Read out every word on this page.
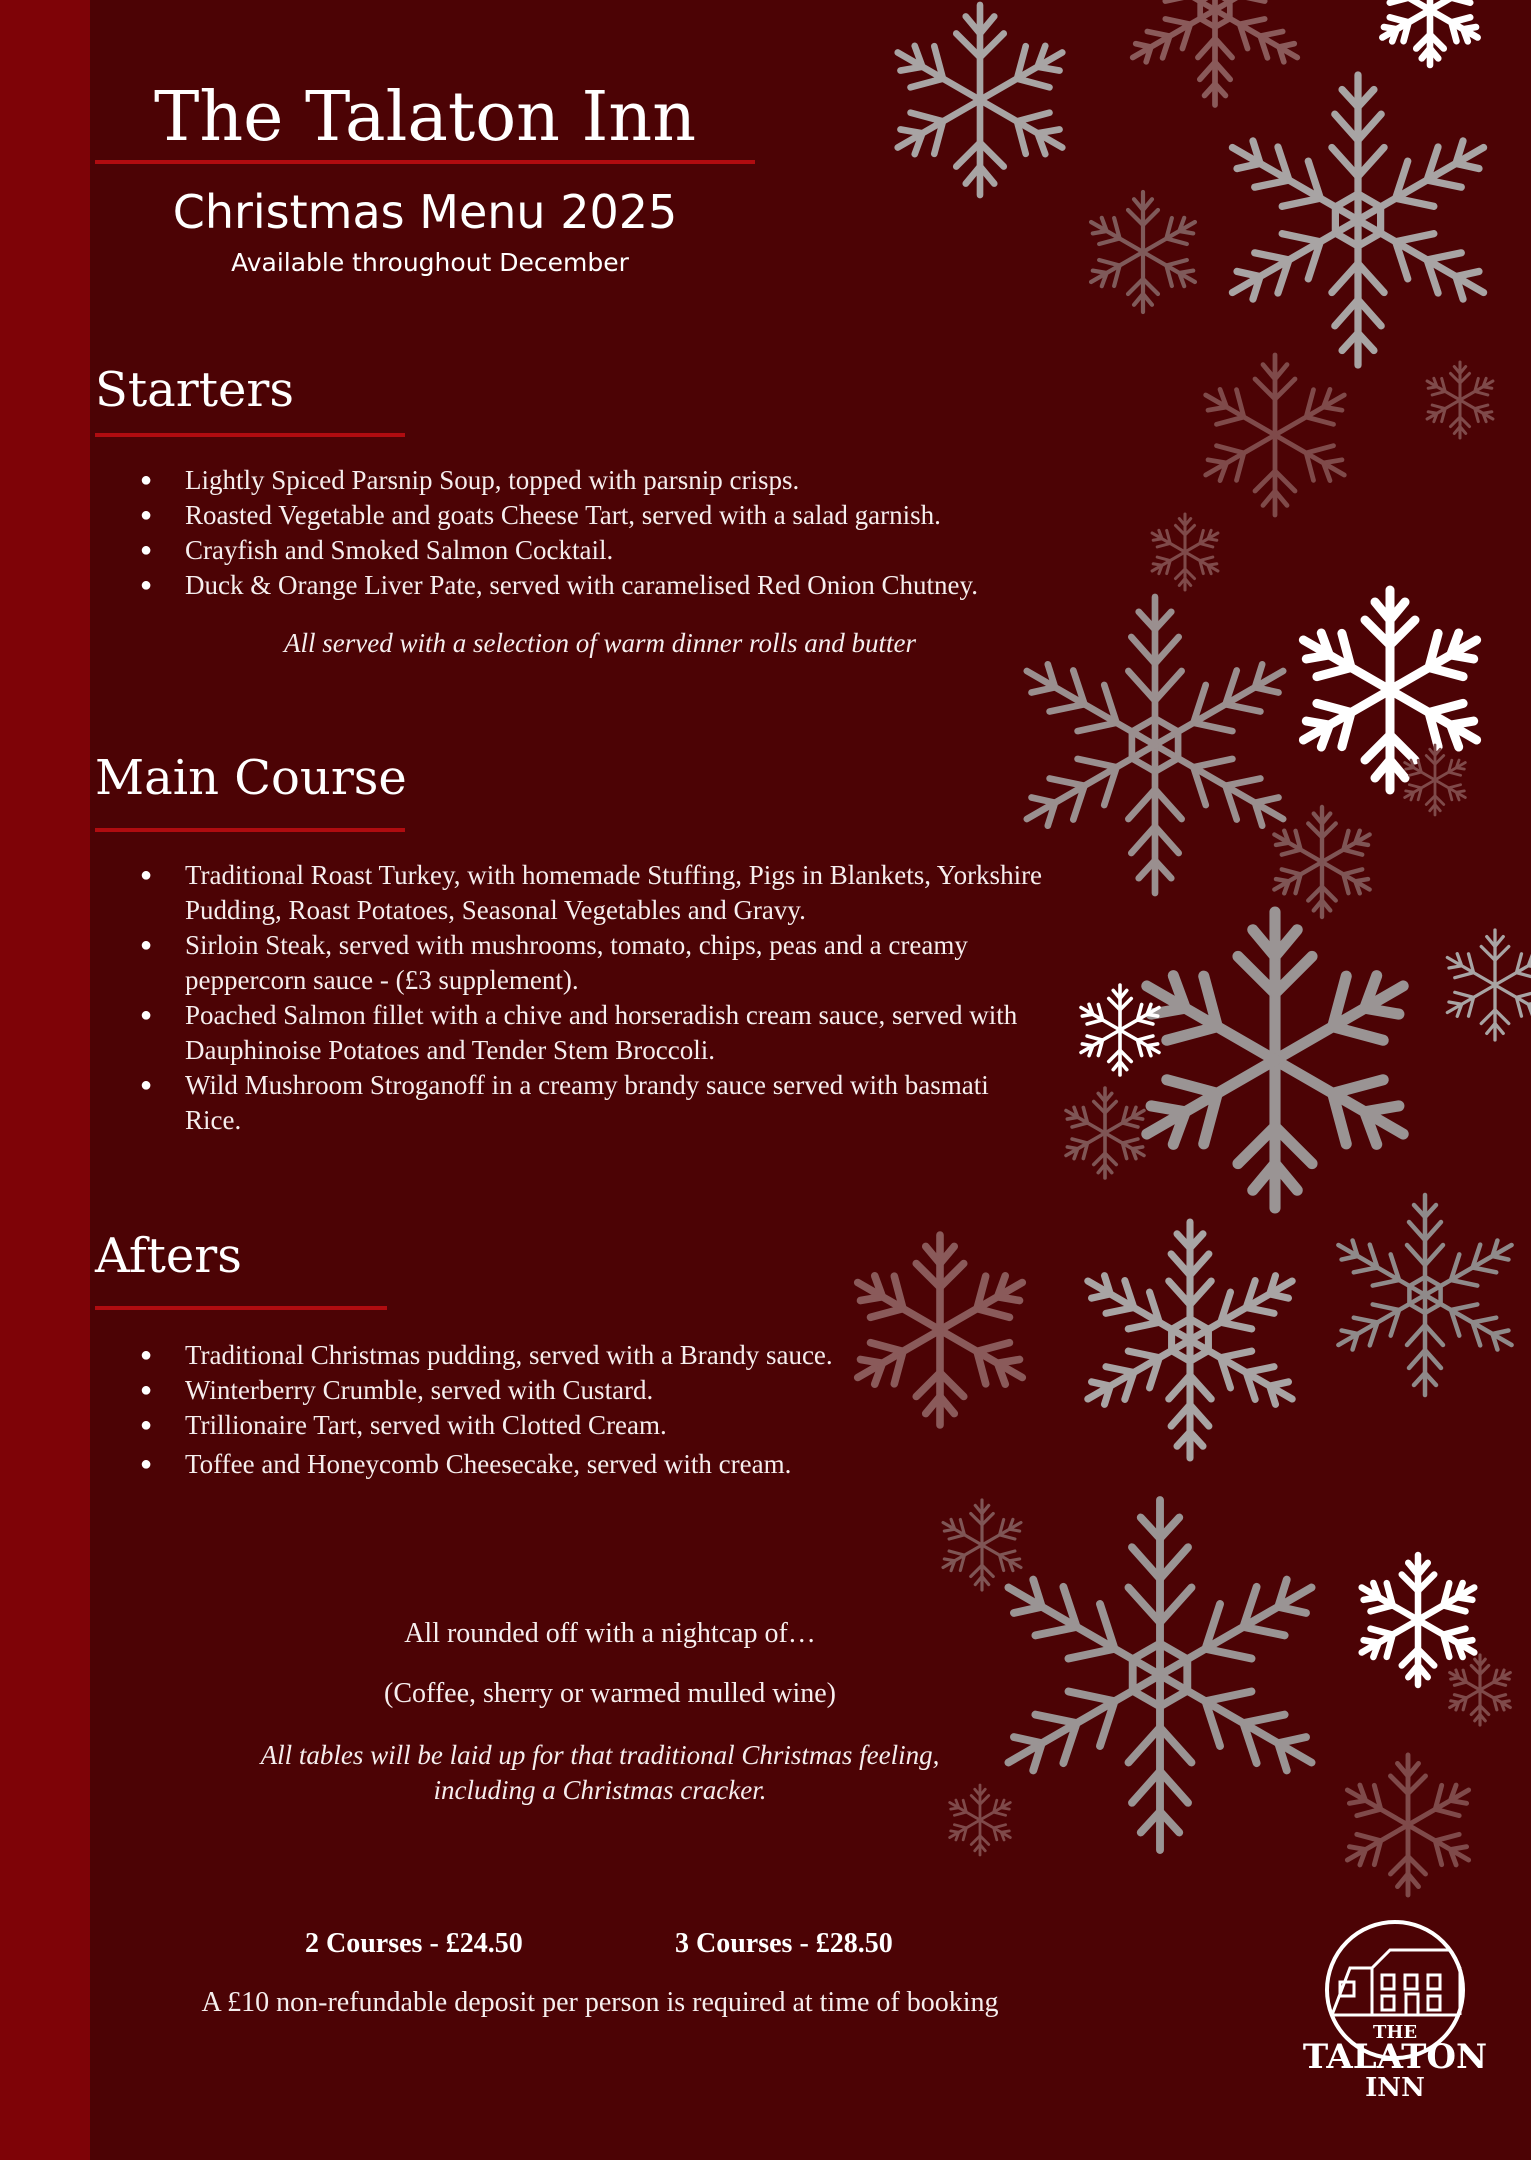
The Talaton Inn
Christmas Menu 2025
Available throughout December
Starters
● Lightly Spiced Parsnip Soup, topped with parsnip crisps.
● Roasted Vegetable and goats Cheese Tart, served with a salad garnish.
● Crayfish and Smoked Salmon Cocktail.
● Duck & Orange Liver Pate, served with caramelised Red Onion Chutney.
All served with a selection of warm dinner rolls and butter
Main Course
● Traditional Roast Turkey, with homemade Stuffing, Pigs in Blankets, Yorkshire Pudding, Roast Potatoes, Seasonal Vegetables and Gravy.
● Sirloin Steak, served with mushrooms, tomato, chips, peas and a creamy peppercorn sauce - (£3 supplement).
● Poached Salmon fillet with a chive and horseradish cream sauce, served with Dauphinoise Potatoes and Tender Stem Broccoli.
● Wild Mushroom Stroganoff in a creamy brandy sauce served with basmati Rice.
Afters
● Traditional Christmas pudding, served with a Brandy sauce.
● Winterberry Crumble, served with Custard.
● Trillionaire Tart, served with Clotted Cream.
● Toffee and Honeycomb Cheesecake, served with cream.
All rounded off with a nightcap of…
(Coffee, sherry or warmed mulled wine)
All tables will be laid up for that traditional Christmas feeling,
including a Christmas cracker.
2 Courses - £24.50	3 Courses - £28.50
A £10 non-refundable deposit per person is required at time of booking
THE
TALATON
INN
